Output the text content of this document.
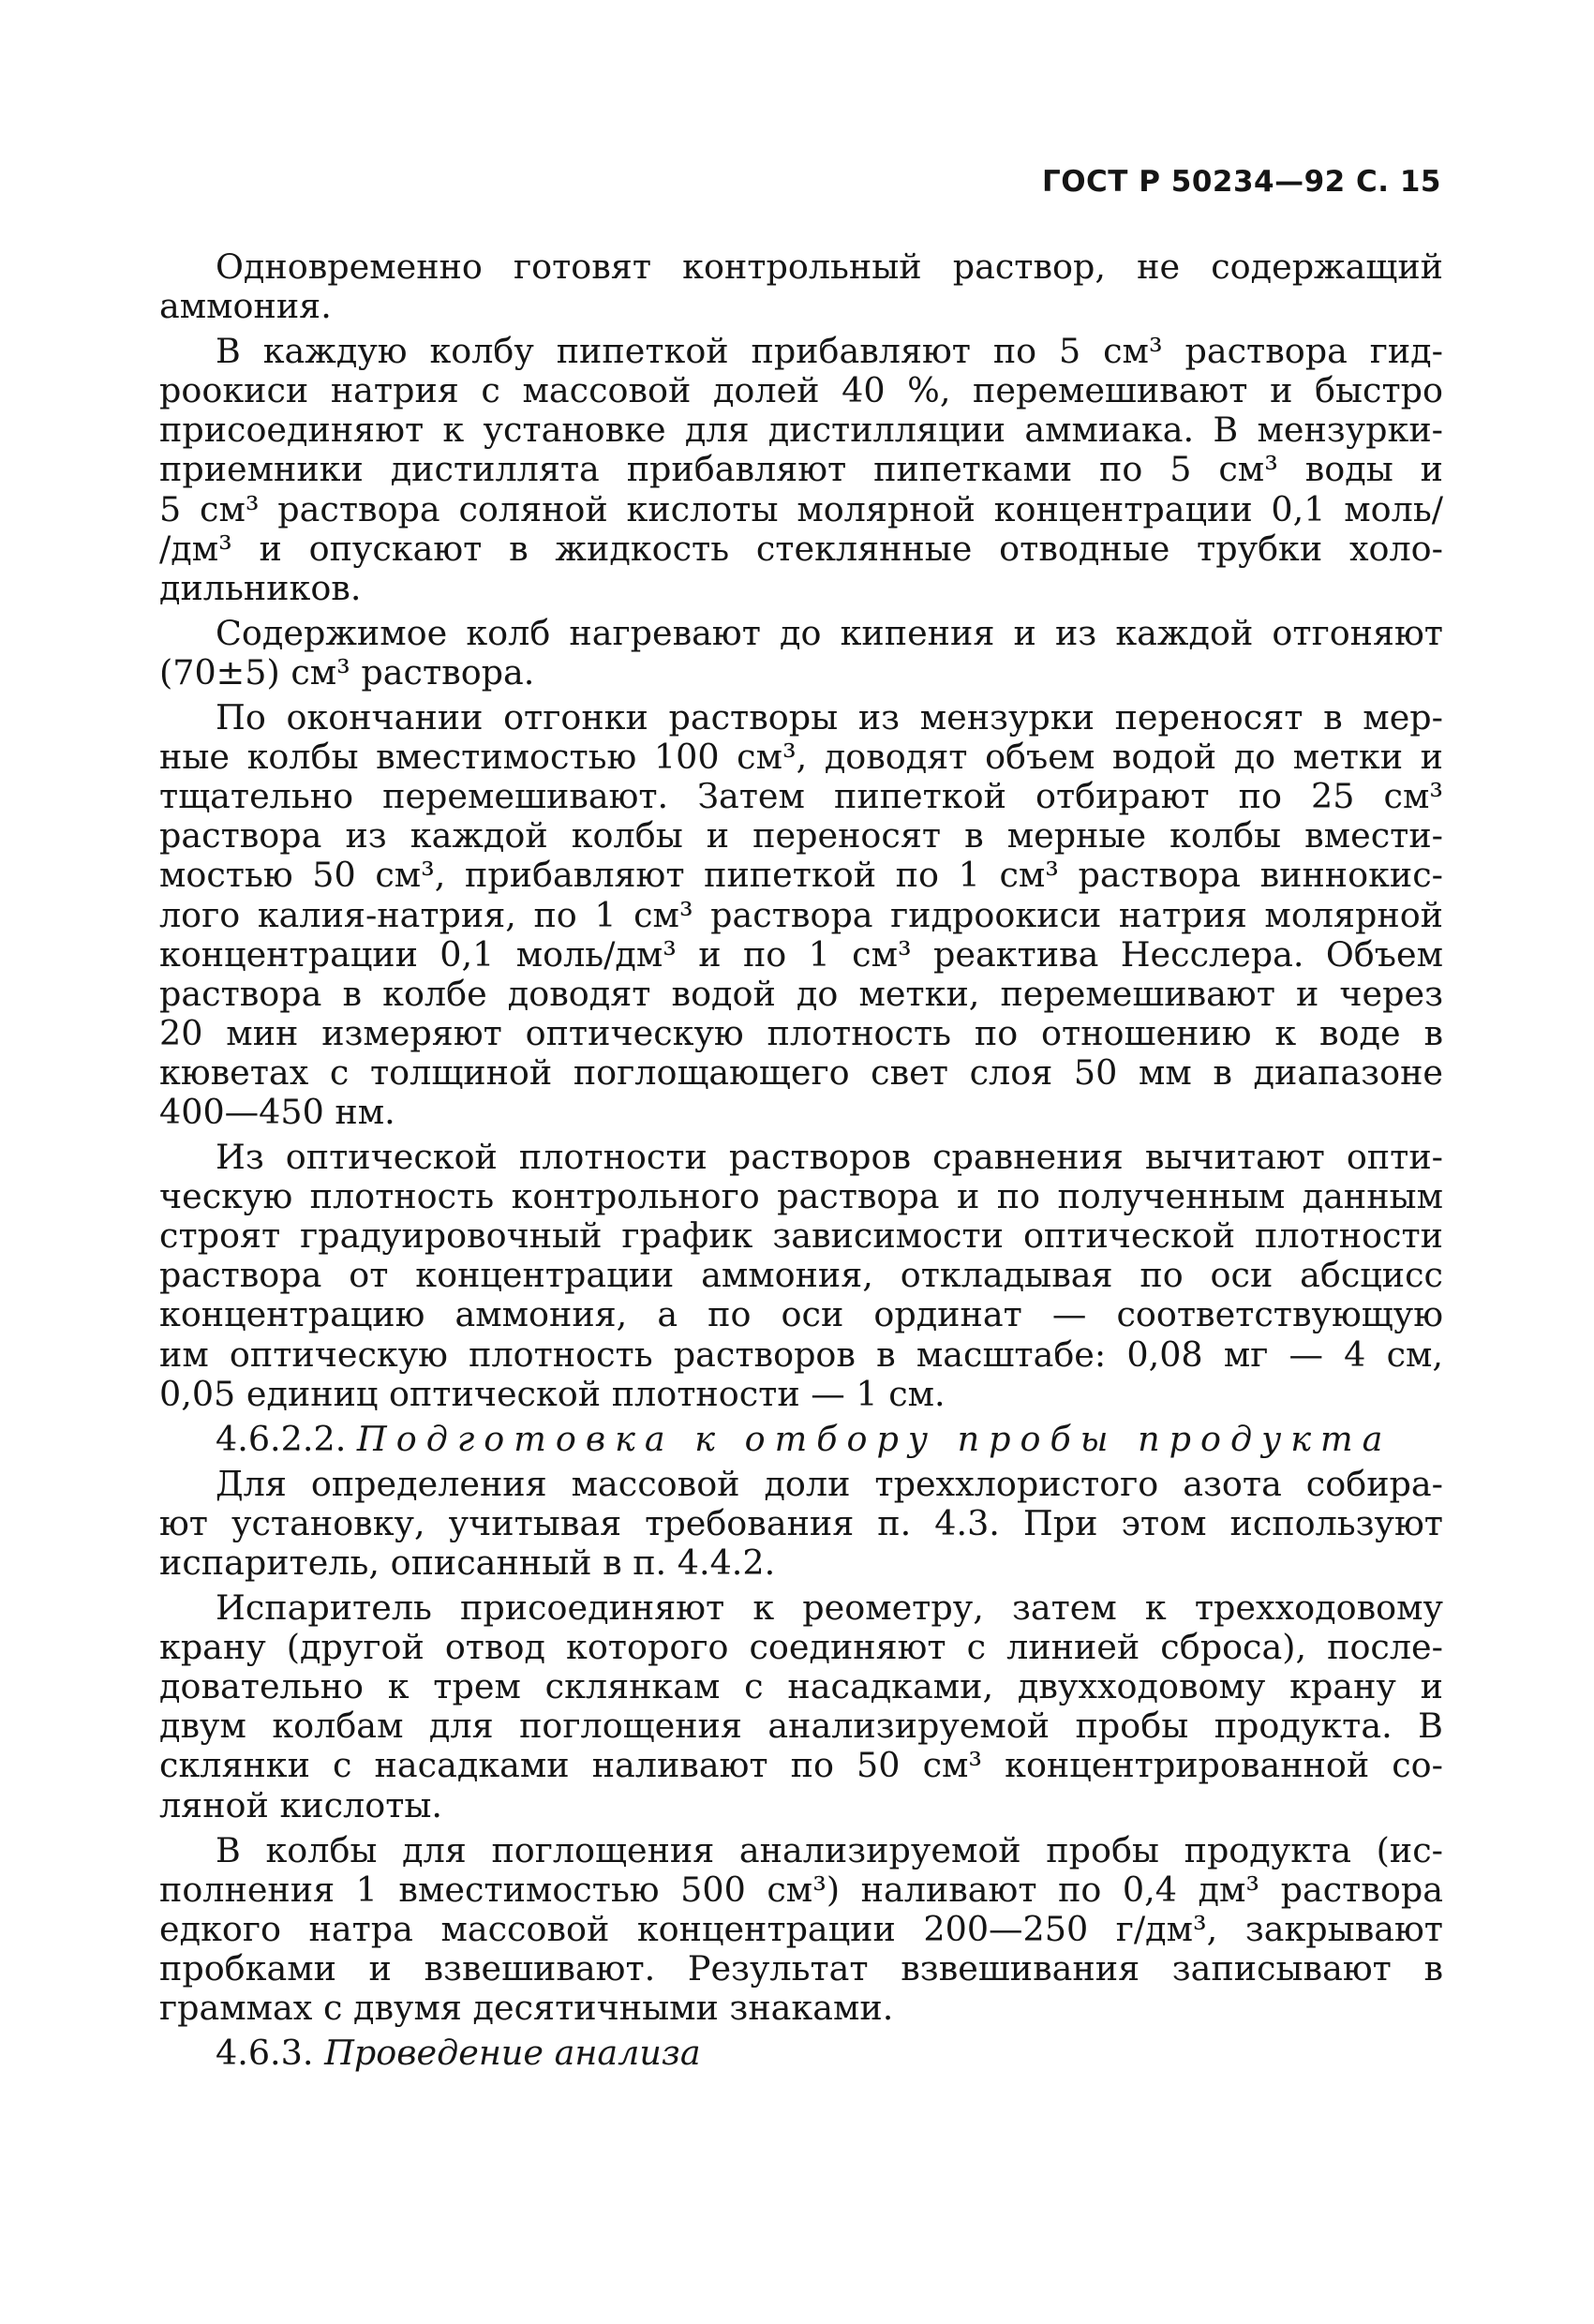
ГОСТ Р 50234—92 С. 15
Одновременно готовят контрольный раствор, не содержащий
аммония.
В каждую колбу пипеткой прибавляют по 5 см³ раствора гид-
роокиси натрия с массовой долей 40 %, перемешивают и быстро
присоединяют к установке для дистилляции аммиака. В мензурки-
приемники дистиллята прибавляют пипетками по 5 см³ воды и
5 см³ раствора соляной кислоты молярной концентрации 0,1 моль/
/дм³ и опускают в жидкость стеклянные отводные трубки холо-
дильников.
Содержимое колб нагревают до кипения и из каждой отгоняют
(70±5) см³ раствора.
По окончании отгонки растворы из мензурки переносят в мер-
ные колбы вместимостью 100 см³, доводят объем водой до метки и
тщательно перемешивают. Затем пипеткой отбирают по 25 см³
раствора из каждой колбы и переносят в мерные колбы вмести-
мостью 50 см³, прибавляют пипеткой по 1 см³ раствора виннокис-
лого калия-натрия, по 1 см³ раствора гидроокиси натрия молярной
концентрации 0,1 моль/дм³ и по 1 см³ реактива Несслера. Объем
раствора в колбе доводят водой до метки, перемешивают и через
20 мин измеряют оптическую плотность по отношению к воде в
кюветах с толщиной поглощающего свет слоя 50 мм в диапазоне
400—450 нм.
Из оптической плотности растворов сравнения вычитают опти-
ческую плотность контрольного раствора и по полученным данным
строят градуировочный график зависимости оптической плотности
раствора от концентрации аммония, откладывая по оси абсцисс
концентрацию аммония, а по оси ординат — соответствующую
им оптическую плотность растворов в масштабе: 0,08 мг — 4 см,
0,05 единиц оптической плотности — 1 см.
4.6.2.2. Подготовка к отбору пробы продукта
Для определения массовой доли треххлористого азота собира-
ют установку, учитывая требования п. 4.3. При этом используют
испаритель, описанный в п. 4.4.2.
Испаритель присоединяют к реометру, затем к трехходовому
крану (другой отвод которого соединяют с линией сброса), после-
довательно к трем склянкам с насадками, двухходовому крану и
двум колбам для поглощения анализируемой пробы продукта. В
склянки с насадками наливают по 50 см³ концентрированной со-
ляной кислоты.
В колбы для поглощения анализируемой пробы продукта (ис-
полнения 1 вместимостью 500 см³) наливают по 0,4 дм³ раствора
едкого натра массовой концентрации 200—250 г/дм³, закрывают
пробками и взвешивают. Результат взвешивания записывают в
граммах с двумя десятичными знаками.
4.6.3. Проведение анализа
